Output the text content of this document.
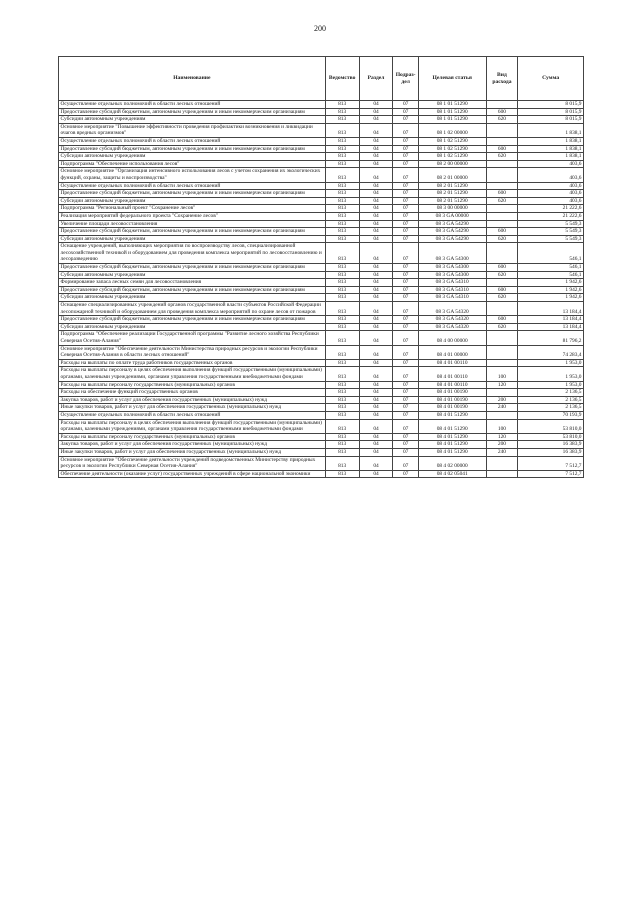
200
Наименование	Ведомство	Раздел	Подраз-дел	Целевая статья	Вид расхода	Сумма
Осуществление отдельных полномочий в области лесных отношений	813	04	07	08 1 01 51290		8 015,9
Предоставление субсидий бюджетным, автономным учреждениям и иным некоммерческим организациям	813	04	07	08 1 01 51290	600	8 015,9
Субсидии автономным учреждениям	813	04	07	08 1 01 51290	620	8 015,9
Основное мероприятие "Повышение эффективности проведения профилактики возникновения и ликвидации очагов вредных организмов"	813	04	07	08 1 02 00000		1 838,1
Осуществление отдельных полномочий в области лесных отношений	813	04	07	08 1 02 51290		1 838,1
Предоставление субсидий бюджетным, автономным учреждениям и иным некоммерческим организациям	813	04	07	08 1 02 51290	600	1 838,1
Субсидии автономным учреждениям	813	04	07	08 1 02 51290	620	1 838,1
Подпрограмма "Обеспечение использования лесов"	813	04	07	08 2 00 00000		403,6
Основное мероприятие "Организация интенсивного использования лесов с учетом сохранения их экологических функций, охраны, защиты и воспроизводства"	813	04	07	08 2 01 00000		403,6
Осуществление отдельных полномочий в области лесных отношений	813	04	07	08 2 01 51290		403,6
Предоставление субсидий бюджетным, автономным учреждениям и иным некоммерческим организациям	813	04	07	08 2 01 51290	600	403,6
Субсидии автономным учреждениям	813	04	07	08 2 01 51290	620	403,6
Подпрограмма "Региональный проект "Сохранение лесов"	813	04	07	08 3 00 00000		21 222,6
Реализация мероприятий федерального проекта "Сохранение лесов"	813	04	07	08 3 GA 00000		21 222,6
Увеличение площади лесовосстановления	813	04	07	08 3 GA 54290		5 549,3
Предоставление субсидий бюджетным, автономным учреждениям и иным некоммерческим организациям	813	04	07	08 3 GA 54290	600	5 549,3
Субсидии автономным учреждениям	813	04	07	08 3 GA 54290	620	5 549,3
Оснащение учреждений, выполняющих мероприятия по воспроизводству лесов, специализированной лесохозяйственной техникой и оборудованием для проведения комплекса мероприятий по лесовосстановлению и лесоразведению	813	04	07	08 3 GA 54300		546,1
Предоставление субсидий бюджетным, автономным учреждениям и иным некоммерческим организациям	813	04	07	08 3 GA 54300	600	546,1
Субсидии автономным учреждениям	813	04	07	08 3 GA 54300	620	546,1
Формирование запаса лесных семян для лесовосстановления	813	04	07	08 3 GA 54310		1 942,6
Предоставление субсидий бюджетным, автономным учреждениям и иным некоммерческим организациям	813	04	07	08 3 GA 54310	600	1 942,6
Субсидии автономным учреждениям	813	04	07	08 3 GA 54310	620	1 942,6
Оснащение специализированных учреждений органов государственной власти субъектов Российской Федерации лесопожарной техникой и оборудованием для проведения комплекса мероприятий по охране лесов от пожаров	813	04	07	08 3 GA 54320		13 184,4
Предоставление субсидий бюджетным, автономным учреждениям и иным некоммерческим организациям	813	04	07	08 3 GA 54320	600	13 184,4
Субсидии автономным учреждениям	813	04	07	08 3 GA 54320	620	13 184,4
Подпрограмма "Обеспечение реализации Государственной программы "Развитие лесного хозяйства Республики Северная Осетия-Алания"	813	04	07	08 4 00 00000		81 796,2
Основное мероприятие "Обеспечение деятельности Министерства природных ресурсов и экологии Республики Северная Осетия-Алания в области лесных отношений"	813	04	07	08 4 01 00000		74 283,4
Расходы на выплаты по оплате труда работников государственных органов	813	04	07	08 4 01 00110		1 953,0
Расходы на выплаты персоналу в целях обеспечения выполнения функций государственными (муниципальными) органами, казенными учреждениями, органами управления государственными внебюджетными фондами	813	04	07	08 4 01 00110	100	1 953,0
Расходы на выплаты персоналу государственных (муниципальных) органов	813	04	07	08 4 01 00110	120	1 953,0
Расходы на обеспечение функций государственных органов	813	04	07	08 4 01 00190		2 136,5
Закупка товаров, работ и услуг для обеспечения государственных (муниципальных) нужд	813	04	07	08 4 01 00190	200	2 136,5
Иные закупки товаров, работ и услуг для обеспечения государственных (муниципальных) нужд	813	04	07	08 4 01 00190	240	2 136,5
Осуществление отдельных полномочий в области лесных отношений	813	04	07	08 4 01 51290		70 193,9
Расходы на выплаты персоналу в целях обеспечения выполнения функций государственными (муниципальными) органами, казенными учреждениями, органами управления государственными внебюджетными фондами	813	04	07	08 4 01 51290	100	53 810,0
Расходы на выплаты персоналу государственных (муниципальных) органов	813	04	07	08 4 01 51290	120	53 810,0
Закупка товаров, работ и услуг для обеспечения государственных (муниципальных) нужд	813	04	07	08 4 01 51290	200	16 383,9
Иные закупки товаров, работ и услуг для обеспечения государственных (муниципальных) нужд	813	04	07	08 4 01 51290	240	16 383,9
Основное мероприятие "Обеспечение деятельности учреждений подведомственных Министерству природных ресурсов и экологии Республики Северная Осетия-Алания"	813	04	07	08 4 02 00000		7 512,7
Обеспечение деятельности (оказание услуг) государственных учреждений в сфере национальной экономики	813	04	07	08 4 02 05041		7 512,7
